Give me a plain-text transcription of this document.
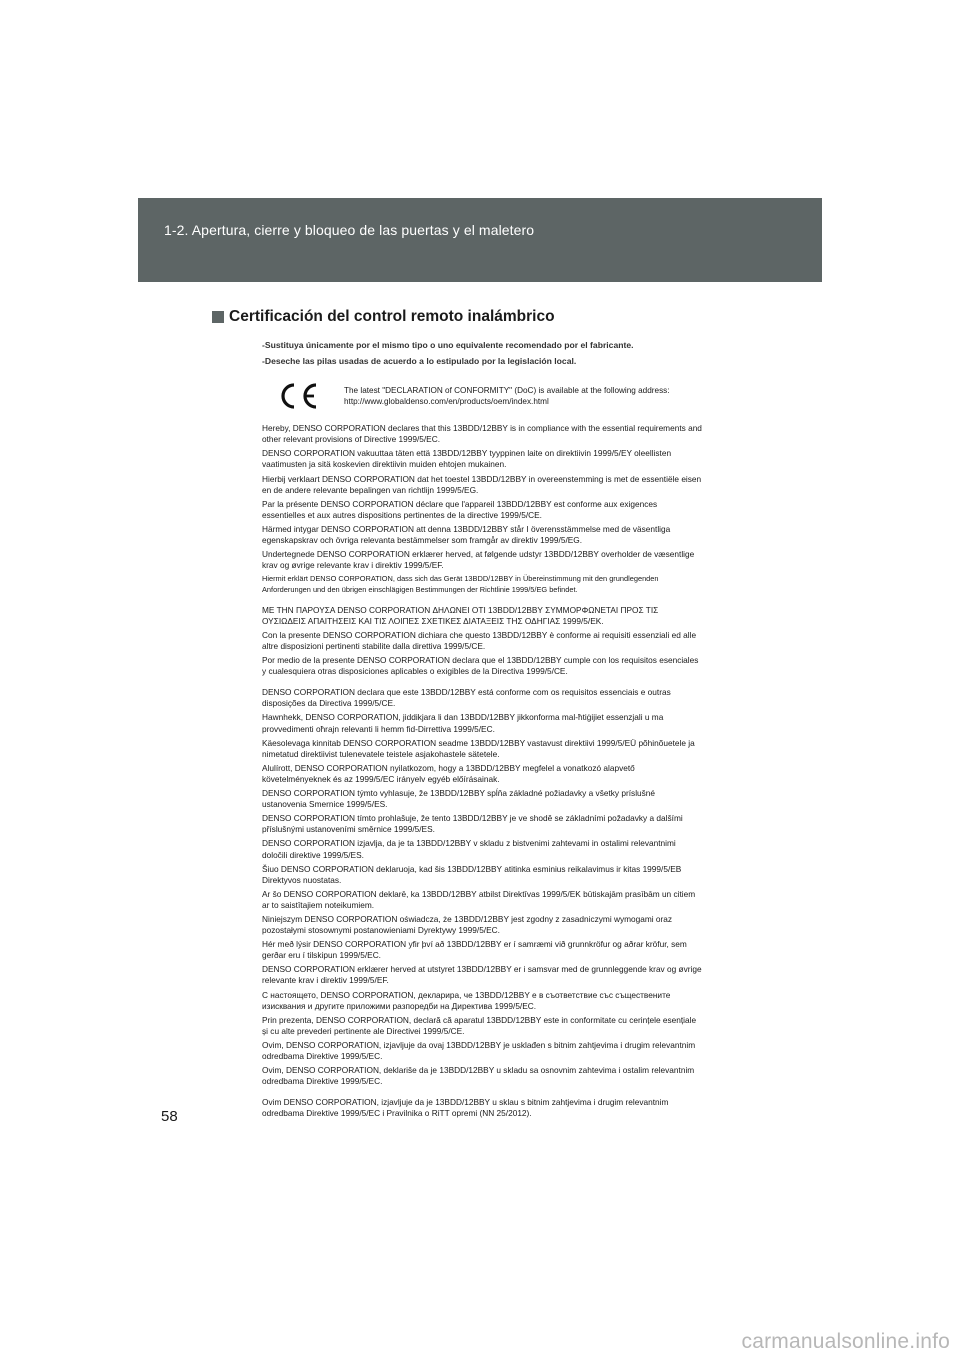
1-2. Apertura, cierre y bloqueo de las puertas y el maletero
Certificación del control remoto inalámbrico
-Sustituya únicamente por el mismo tipo o uno equivalente recomendado por el fabricante.
-Deseche las pilas usadas de acuerdo a lo estipulado por la legislación local.
The latest "DECLARATION of CONFORMITY" (DoC) is available at the following address:
http://www.globaldenso.com/en/products/oem/index.html
Hereby, DENSO CORPORATION declares that this 13BDD/12BBY is in compliance with the essential requirements and other relevant provisions of Directive 1999/5/EC.
DENSO CORPORATION vakuuttaa täten että 13BDD/12BBY tyyppinen laite on direktiivin 1999/5/EY oleellisten vaatimusten ja sitä koskevien direktiivin muiden ehtojen mukainen.
Hierbij verklaart DENSO CORPORATION dat het toestel 13BDD/12BBY in overeenstemming is met de essentiële eisen en de andere relevante bepalingen van richtlijn 1999/5/EG.
Par la présente DENSO CORPORATION déclare que l'appareil 13BDD/12BBY est conforme aux exigences essentielles et aux autres dispositions pertinentes de la directive 1999/5/CE.
Härmed intygar DENSO CORPORATION att denna 13BDD/12BBY står I överensstämmelse med de väsentliga egenskapskrav och övriga relevanta bestämmelser som framgår av direktiv 1999/5/EG.
Undertegnede DENSO CORPORATION erklærer herved, at følgende udstyr 13BDD/12BBY overholder de væsentlige krav og øvrige relevante krav i direktiv 1999/5/EF.
Hiermit erklärt DENSO CORPORATION, dass sich das Gerät 13BDD/12BBY in Übereinstimmung mit den grundlegenden Anforderungen und den übrigen einschlägigen Bestimmungen der Richtlinie 1999/5/EG befindet.
ΜΕ ΤΗΝ ΠΑΡΟΥΣΑ DENSO CORPORATION ΔΗΛΩΝΕΙ ΟΤΙ 13BDD/12BBY ΣΥΜΜΟΡΦΩΝΕΤΑΙ ΠΡΟΣ ΤΙΣ ΟΥΣΙΩΔΕΙΣ ΑΠΑΙΤΗΣΕΙΣ ΚΑΙ ΤΙΣ ΛΟΙΠΕΣ ΣΧΕΤΙΚΕΣ ΔΙΑΤΑΞΕΙΣ ΤΗΣ ΟΔΗΓΙΑΣ 1999/5/ΕΚ.
Con la presente DENSO CORPORATION dichiara che questo 13BDD/12BBY è conforme ai requisiti essenziali ed alle altre disposizioni pertinenti stabilite dalla direttiva 1999/5/CE.
Por medio de la presente DENSO CORPORATION declara que el 13BDD/12BBY cumple con los requisitos esenciales y cualesquiera otras disposiciones aplicables o exigibles de la Directiva 1999/5/CE.
DENSO CORPORATION declara que este 13BDD/12BBY está conforme com os requisitos essenciais e outras disposições da Directiva 1999/5/CE.
Hawnhekk, DENSO CORPORATION, jiddikjara li dan 13BDD/12BBY jikkonforma mal-ħtiġijiet essenzjali u ma provvedimenti oħrajn relevanti li hemm fid-Dirrettiva 1999/5/EC.
Käesolevaga kinnitab DENSO CORPORATION seadme 13BDD/12BBY vastavust direktiivi 1999/5/EÜ põhinõuetele ja nimetatud direktiivist tulenevatele teistele asjakohastele sätetele.
Alulírott, DENSO CORPORATION nyilatkozom, hogy a 13BDD/12BBY megfelel a vonatkozó alapvető követelményeknek és az 1999/5/EC irányelv egyéb előírásainak.
DENSO CORPORATION týmto vyhlasuje, že 13BDD/12BBY spĺňa základné požiadavky a všetky príslušné ustanovenia Smernice 1999/5/ES.
DENSO CORPORATION tímto prohlašuje, že tento 13BDD/12BBY je ve shodě se základními požadavky a dalšími příslušnými ustanoveními směrnice 1999/5/ES.
DENSO CORPORATION izjavlja, da je ta 13BDD/12BBY v skladu z bistvenimi zahtevami in ostalimi relevantnimi določili direktive 1999/5/ES.
Šiuo DENSO CORPORATION deklaruoja, kad šis 13BDD/12BBY atitinka esminius reikalavimus ir kitas 1999/5/EB Direktyvos nuostatas.
Ar šo DENSO CORPORATION deklarē, ka 13BDD/12BBY atbilst Direktīvas 1999/5/EK būtiskajām prasībām un citiem ar to saistītajiem noteikumiem.
Niniejszym DENSO CORPORATION oświadcza, że 13BDD/12BBY jest zgodny z zasadniczymi wymogami oraz pozostałymi stosownymi postanowieniami Dyrektywy 1999/5/EC.
Hér með lýsir DENSO CORPORATION yfir því að 13BDD/12BBY er í samræmi við grunnkröfur og aðrar kröfur, sem gerðar eru í tilskipun 1999/5/EC.
DENSO CORPORATION erklærer herved at utstyret 13BDD/12BBY er i samsvar med de grunnleggende krav og øvrige relevante krav i direktiv 1999/5/EF.
С настоящето, DENSO CORPORATION, декларира, че 13BDD/12BBY е в съответствие със съществените изисквания и другите приложими разпоредби на Директива 1999/5/EC.
Prin prezenta, DENSO CORPORATION, declară că aparatul 13BDD/12BBY este in conformitate cu cerințele esențiale și cu alte prevederi pertinente ale Directivei 1999/5/CE.
Ovim, DENSO CORPORATION, izjavljuje da ovaj 13BDD/12BBY je usklađen s bitnim zahtjevima i drugim relevantnim odredbama Direktive 1999/5/EC.
Ovim, DENSO CORPORATION, deklariše da je 13BDD/12BBY u skladu sa osnovnim zahtevima i ostalim relevantnim odredbama Direktive 1999/5/EC.
Ovim DENSO CORPORATION, izjavljuje da je 13BDD/12BBY u sklau s bitnim zahtjevima i drugim relevantnim odredbama Direktive 1999/5/EC i Pravilnika o RiTT opremi (NN 25/2012).
58
carmanualsonline.info
